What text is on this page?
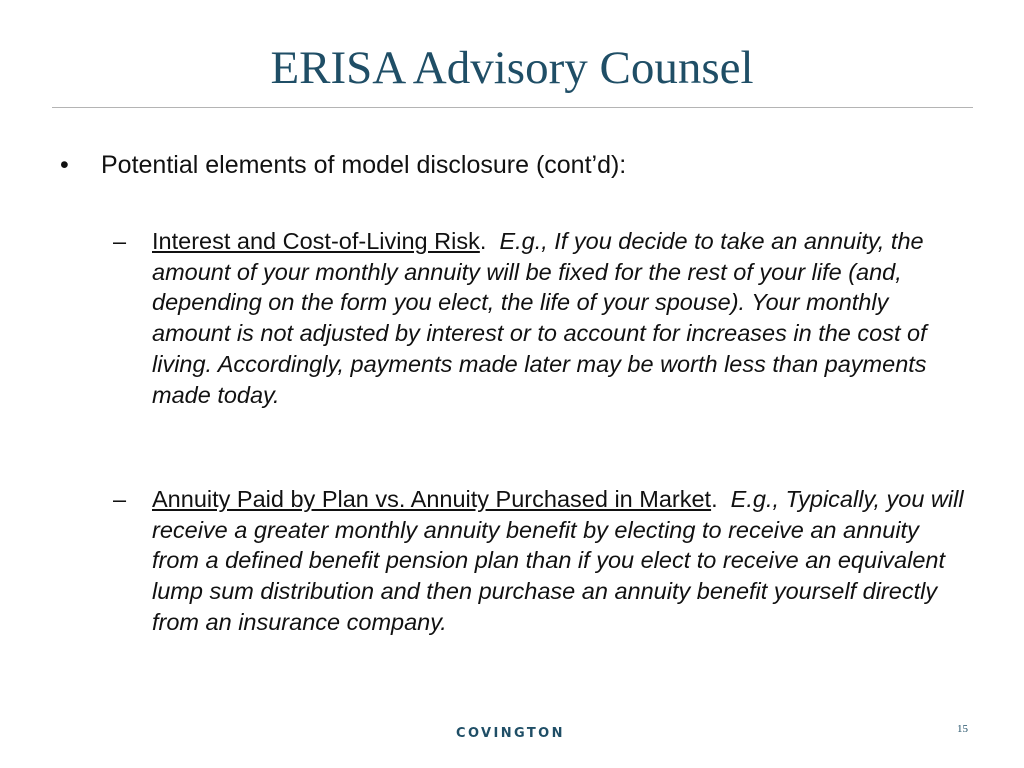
ERISA Advisory Counsel
• Potential elements of model disclosure (cont’d):
– Interest and Cost-of-Living Risk. E.g., If you decide to take an annuity, the amount of your monthly annuity will be fixed for the rest of your life (and, depending on the form you elect, the life of your spouse). Your monthly amount is not adjusted by interest or to account for increases in the cost of living. Accordingly, payments made later may be worth less than payments made today.
– Annuity Paid by Plan vs. Annuity Purchased in Market. E.g., Typically, you will receive a greater monthly annuity benefit by electing to receive an annuity from a defined benefit pension plan than if you elect to receive an equivalent lump sum distribution and then purchase an annuity benefit yourself directly from an insurance company.
COVINGTON	15
